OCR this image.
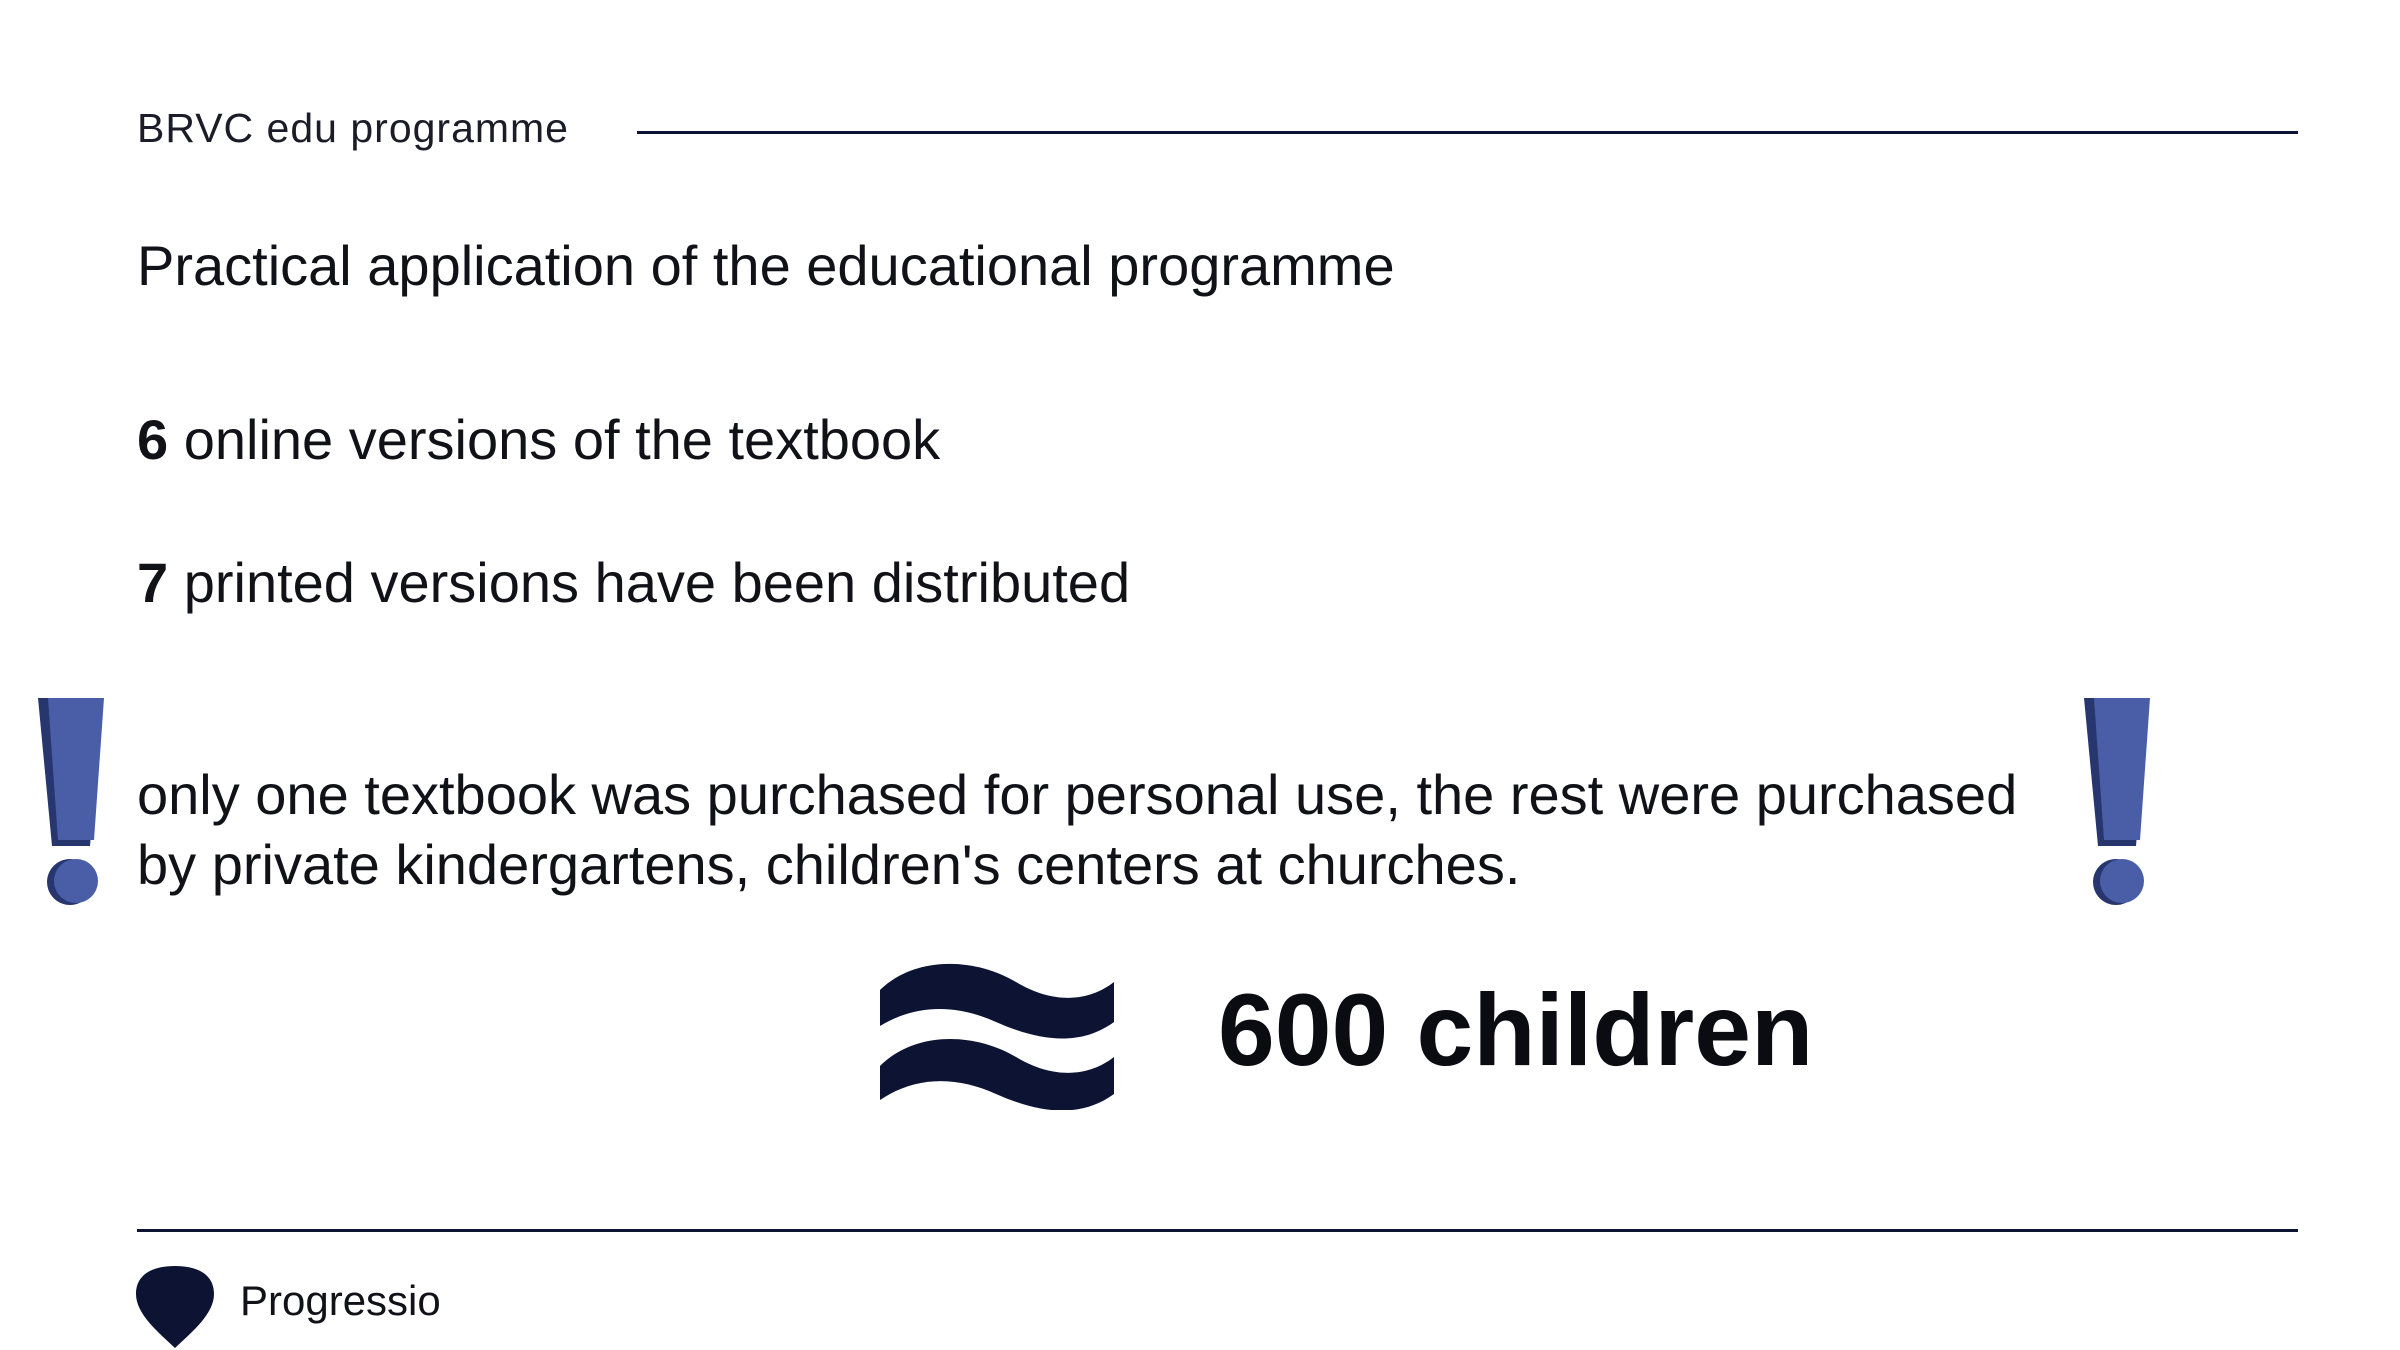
BRVC edu programme
Practical application of the educational programme
6 online versions of the textbook
7 printed versions have been distributed
only one textbook was purchased for personal use, the rest were purchased by private kindergartens, children's centers at churches.
600 children
Progressio
